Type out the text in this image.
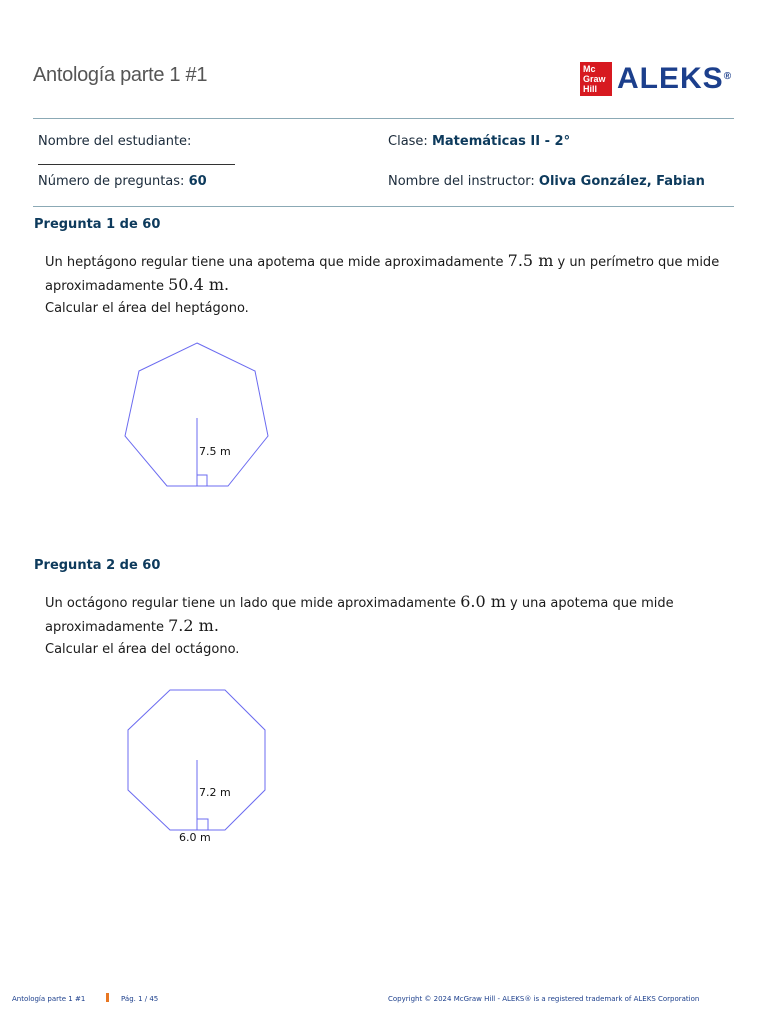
Antología parte 1 #1	Mc
Graw
Hill ALEKS®
Nombre del estudiante:	Clase: Matemáticas II - 2°
Número de preguntas: 60	Nombre del instructor: Oliva González, Fabian
Pregunta 1 de 60
Un heptágono regular tiene una apotema que mide aproximadamente 7.5 m y un perímetro que mide aproximadamente 50.4 m.
Calcular el área del heptágono.
7.5 m
Pregunta 2 de 60
Un octágono regular tiene un lado que mide aproximadamente 6.0 m y una apotema que mide aproximadamente 7.2 m.
Calcular el área del octágono.
7.2 m
6.0 m
Antología parte 1 #1	Pág. 1 / 45	Copyright © 2024 McGraw Hill - ALEKS® is a registered trademark of ALEKS Corporation
